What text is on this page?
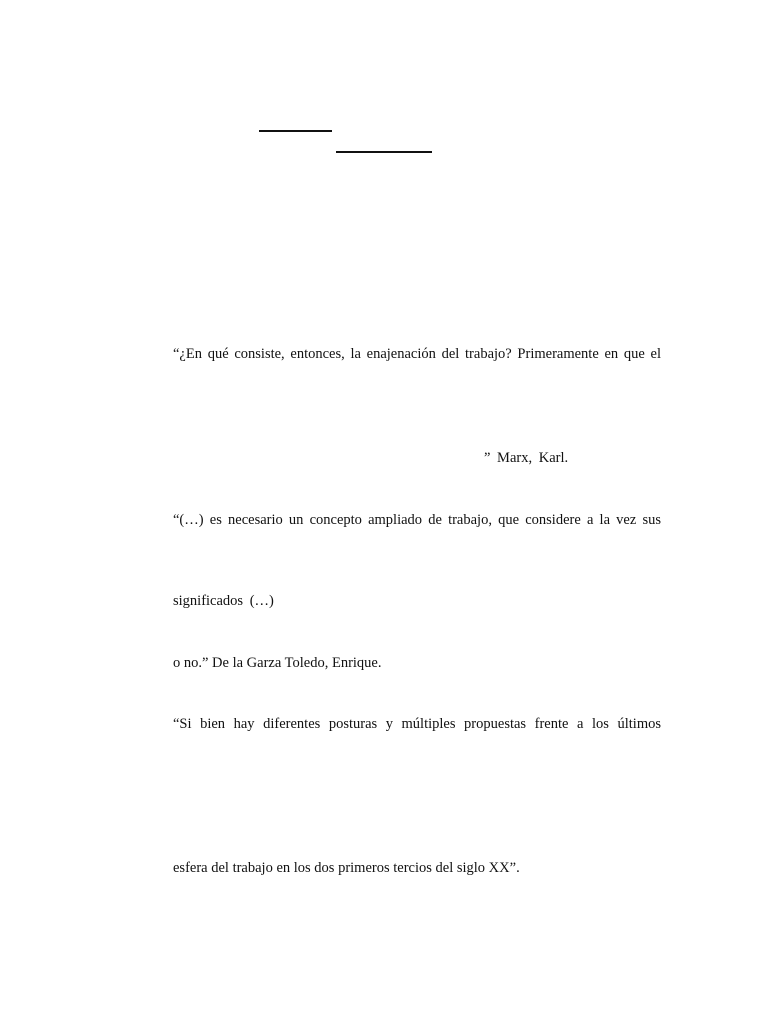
“¿En qué consiste, entonces, la enajenación del trabajo? Primeramente en que el
” Marx, Karl.
“(…) es necesario un concepto ampliado de trabajo, que considere a la vez sus
significados (…)
o no.” De la Garza Toledo, Enrique.
“Si bien hay diferentes posturas y múltiples propuestas frente a los últimos
esfera del trabajo en los dos primeros tercios del siglo XX”.
